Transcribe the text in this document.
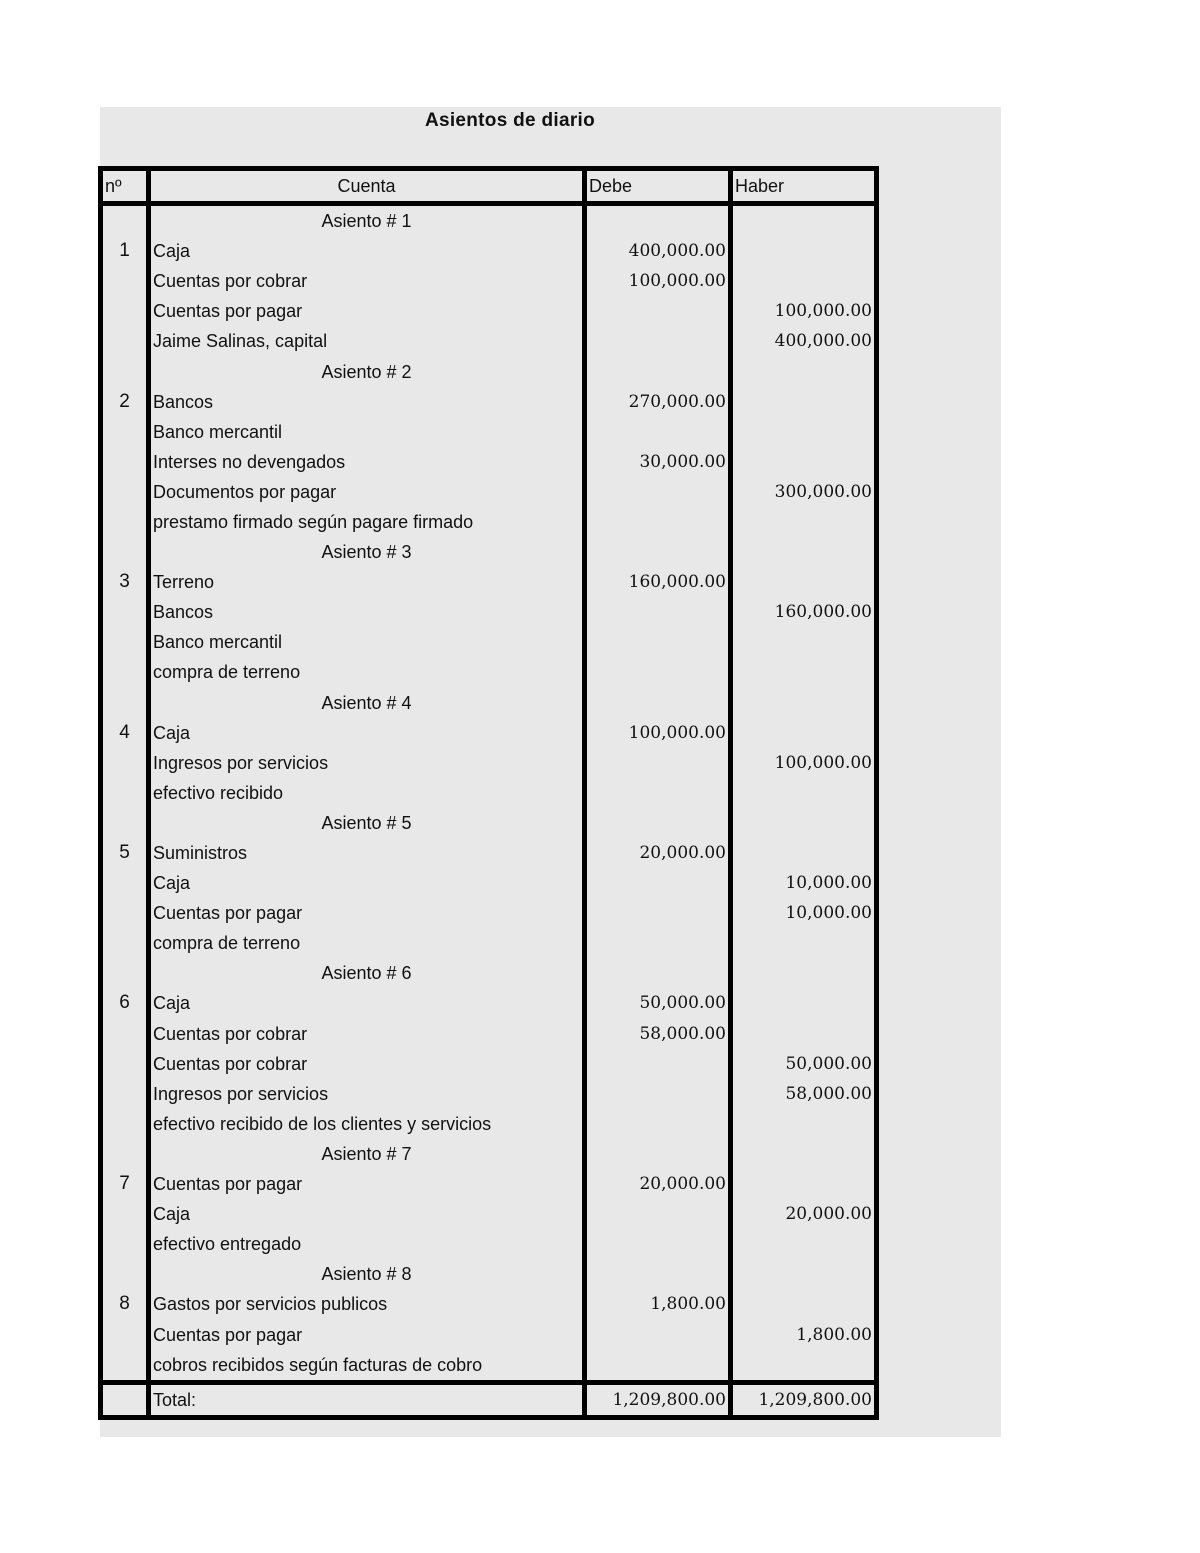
Asientos de diario
nº	Cuenta	Debe	Haber
	Asiento # 1		
1	Caja	400,000.00	
	Cuentas por cobrar	100,000.00	
	Cuentas por pagar		100,000.00
	Jaime Salinas, capital		400,000.00
	Asiento # 2		
2	Bancos	270,000.00	
	Banco mercantil		
	Interses no devengados	30,000.00	
	Documentos por pagar		300,000.00
	prestamo firmado según pagare firmado		
	Asiento # 3		
3	Terreno	160,000.00	
	Bancos		160,000.00
	Banco mercantil		
	compra de terreno		
	Asiento # 4		
4	Caja	100,000.00	
	Ingresos por servicios		100,000.00
	efectivo recibido		
	Asiento # 5		
5	Suministros	20,000.00	
	Caja		10,000.00
	Cuentas por pagar		10,000.00
	compra de terreno		
	Asiento # 6		
6	Caja	50,000.00	
	Cuentas por cobrar	58,000.00	
	Cuentas por cobrar		50,000.00
	Ingresos por servicios		58,000.00
	efectivo recibido de los clientes y servicios		
	Asiento # 7		
7	Cuentas por pagar	20,000.00	
	Caja		20,000.00
	efectivo entregado		
	Asiento # 8		
8	Gastos por servicios publicos	1,800.00	
	Cuentas por pagar		1,800.00
	cobros recibidos según facturas de cobro		
	Total:	1,209,800.00	1,209,800.00
